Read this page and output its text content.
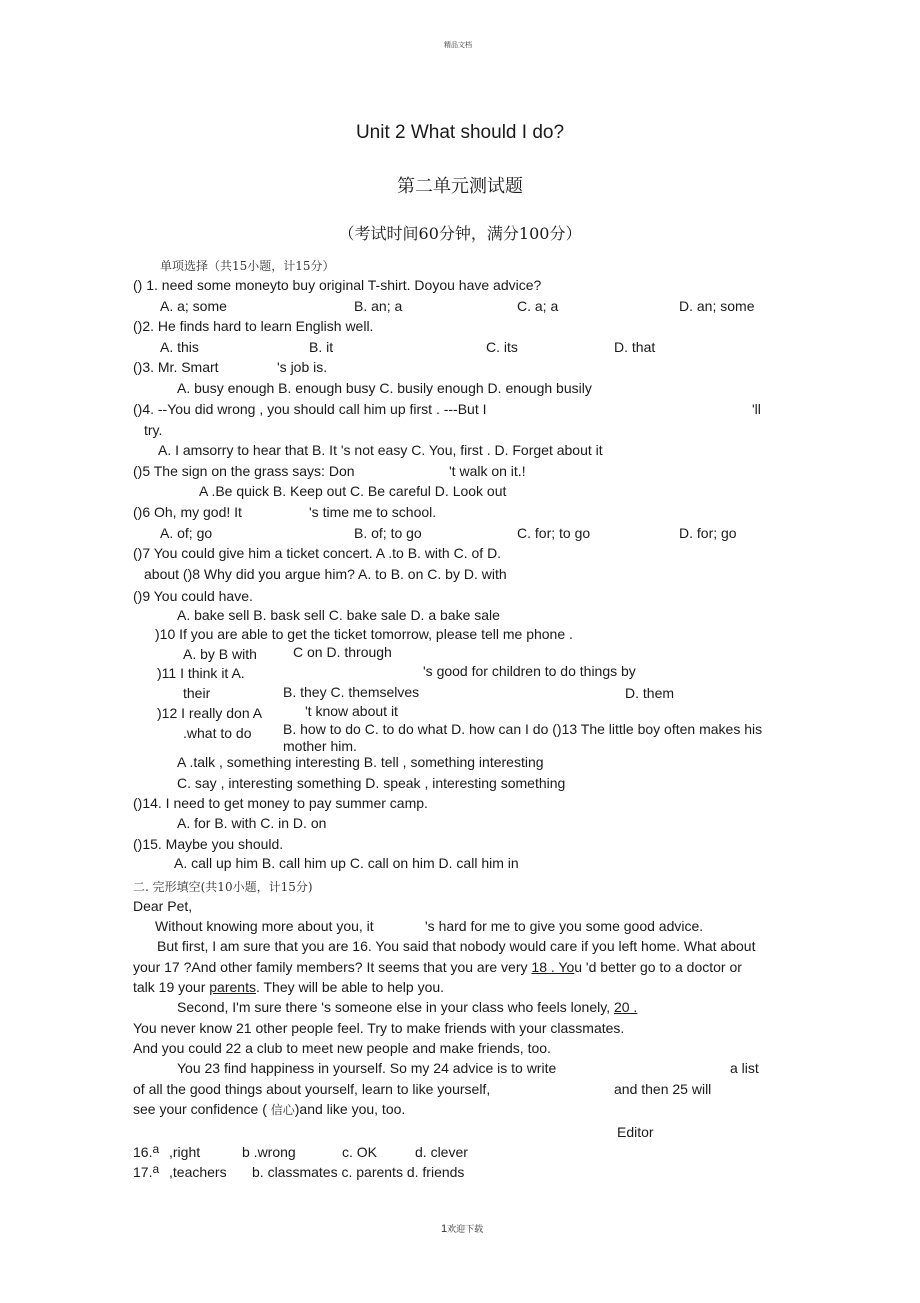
精品文档
Unit 2 What should I do?
第二单元测试题
（考试时间60分钟，满分100分）
单项选择（共15小题，计15分）
() 1. need some moneyto buy original T-shirt. Doyou have advice?
A. a; some	B. an; a	C. a; a	D. an; some
()2. He finds hard to learn English well.
A. this	B. it	C. its	D. that
()3. Mr. Smart	's job is.
A. busy enough B. enough busy C. busily enough D. enough busily
()4. --You did wrong , you should call him up first . ---But I	'll
try.
A. I amsorry to hear that B. It 's not easy C. You, first . D. Forget about it
()5 The sign on the grass says: Don	't walk on it.!
A .Be quick B. Keep out C. Be careful D. Look out
()6 Oh, my god! It	's time me to school.
A. of; go	B. of; to go	C. for; to go	D. for; go
()7 You could give him a ticket concert. A .to B. with C. of D.
about ()8 Why did you argue him? A. to B. on C. by D. with
()9 You could have.
A. bake sell B. bask sell C. bake sale D. a bake sale
)10 If you are able to get the ticket tomorrow, please tell me phone .
A. by B with	C on D. through
)11 I think it A.	's good for children to do things by
their	B. they C. themselves	D. them
)12 I really don A	't know about it
.what to do B. how to do C. to do what D. how can I do ()13 The little boy often makes his
mother him.
A .talk , something interesting B. tell , something interesting
C. say , interesting something D. speak , interesting something
()14. I need to get money to pay summer camp.
A. for B. with C. in D. on
()15. Maybe you should.
A. call up him B. call him up C. call on him D. call him in
二. 完形填空(共10小题，计15分)
Dear Pet,
Without knowing more about you, it	's hard for me to give you some good advice.
But first, I am sure that you are 16. You said that nobody would care if you left home. What about
your 17 ?And other family members? It seems that you are very 18 . You 'd better go to a doctor or
talk 19 your parents. They will be able to help you.
Second, I'm sure there 's someone else in your class who feels lonely, 20 .
You never know 21 other people feel. Try to make friends with your classmates.
And you could 22 a club to meet new people and make friends, too.
You 23 find happiness in yourself. So my 24 advice is to write	a list
of all the good things about yourself, learn to like yourself,	and then 25 will
see your confidence ( 信心)and like you, too.
Editor
16.a ,right	b .wrong	c. OK	d. clever
17.a ,teachers b. classmates c. parents d. friends
1欢迎下载
